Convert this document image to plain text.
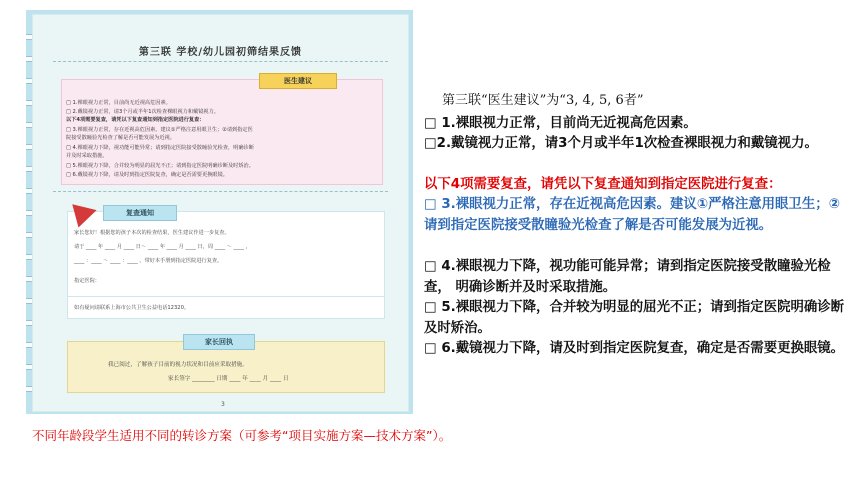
第三联 学校/幼儿园初筛结果反馈
□ 1.裸眼视力正常，目前尚无近视高危因素。
□ 2.戴镜视力正常，请3个月或半年1次检查裸眼视力和戴镜视力。
以下4项需要复查，请凭以下复查通知到指定医院进行复查：
□ 3.裸眼视力正常，存在近视高危因素。建议①严格注意用眼卫生；②请到指定医
院接受散瞳验光检查了解是否可能发展为近视。
□ 4.裸眼视力下降，视功能可能异常；请到指定医院接受散瞳验光检查，明确诊断
并及时采取措施。
□ 5.裸眼视力下降，合并较为明显的屈光不正；请到指定医院明确诊断及时矫治。
□ 6.戴镜视力下降，请及时到指定医院复查，确定是否需要更换眼镜。
医生建议
家长您好！根据您的孩子本次的检查结果，医生建议作进一步复查。
请于 ____ 年 ____ 月 ____ 日～ ____ 年 ____ 月 ____ 日，周 ____ ～ ____ ，
____ ：____ ～ ____ ：____ ，带好本手册到指定医院进行复查。
指定医院：
如有疑问请联系上海市公共卫生公益电话12320。
复查通知
我已阅过，了解孩子目前的视力状况和目前应采取措施。
家长签字 ________ 日期 ____ 年 ____ 月 ____ 日
家长回执
3
第三联“医生建议”为“3, 4, 5, 6者”
□ 1.裸眼视力正常，目前尚无近视高危因素。
□2.戴镜视力正常，请3个月或半年1次检查裸眼视力和戴镜视力。
以下4项需要复查，请凭以下复查通知到指定医院进行复查：
□ 3.裸眼视力正常，存在近视高危因素。建议①严格注意用眼卫生；②请到指定医院接受散瞳验光检查了解是否可能发展为近视。
□ 4.裸眼视力下降，视功能可能异常；请到指定医院接受散瞳验光检查， 明确诊断并及时采取措施。
□ 5.裸眼视力下降，合并较为明显的屈光不正；请到指定医院明确诊断及时矫治。
□ 6.戴镜视力下降，请及时到指定医院复查，确定是否需要更换眼镜。
不同年龄段学生适用不同的转诊方案（可参考“项目实施方案—技术方案”）。
